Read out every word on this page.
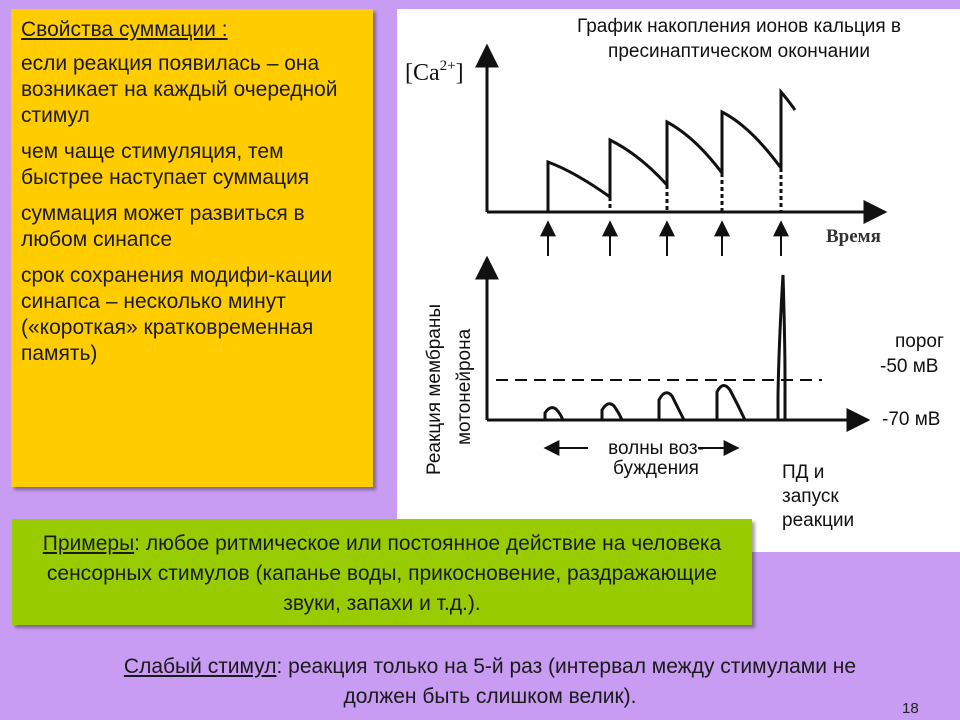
Свойства суммации :

если реакция появилась – она возникает на каждый очередной стимул

чем чаще стимуляция, тем быстрее наступает суммация

суммация может развиться в любом синапсе

срок сохранения модифи-кации синапса – несколько минут («короткая» кратковременная память)

$[Ca^{2+}]$
Время
Реакция мембраны мотонейрона
График накопления ионов кальция в
пресинаптическом окончании
порог
-50 мВ
-70 мВ
волны воз-
буждения	ПД и
запуск
реакции
Примеры: любое ритмическое или постоянное действие на человека сенсорных стимулов (капанье воды, прикосновение, раздражающие звуки, запахи и т.д.).
Слабый стимул: реакция только на 5-й раз (интервал между стимулами не должен быть слишком велик).
18
